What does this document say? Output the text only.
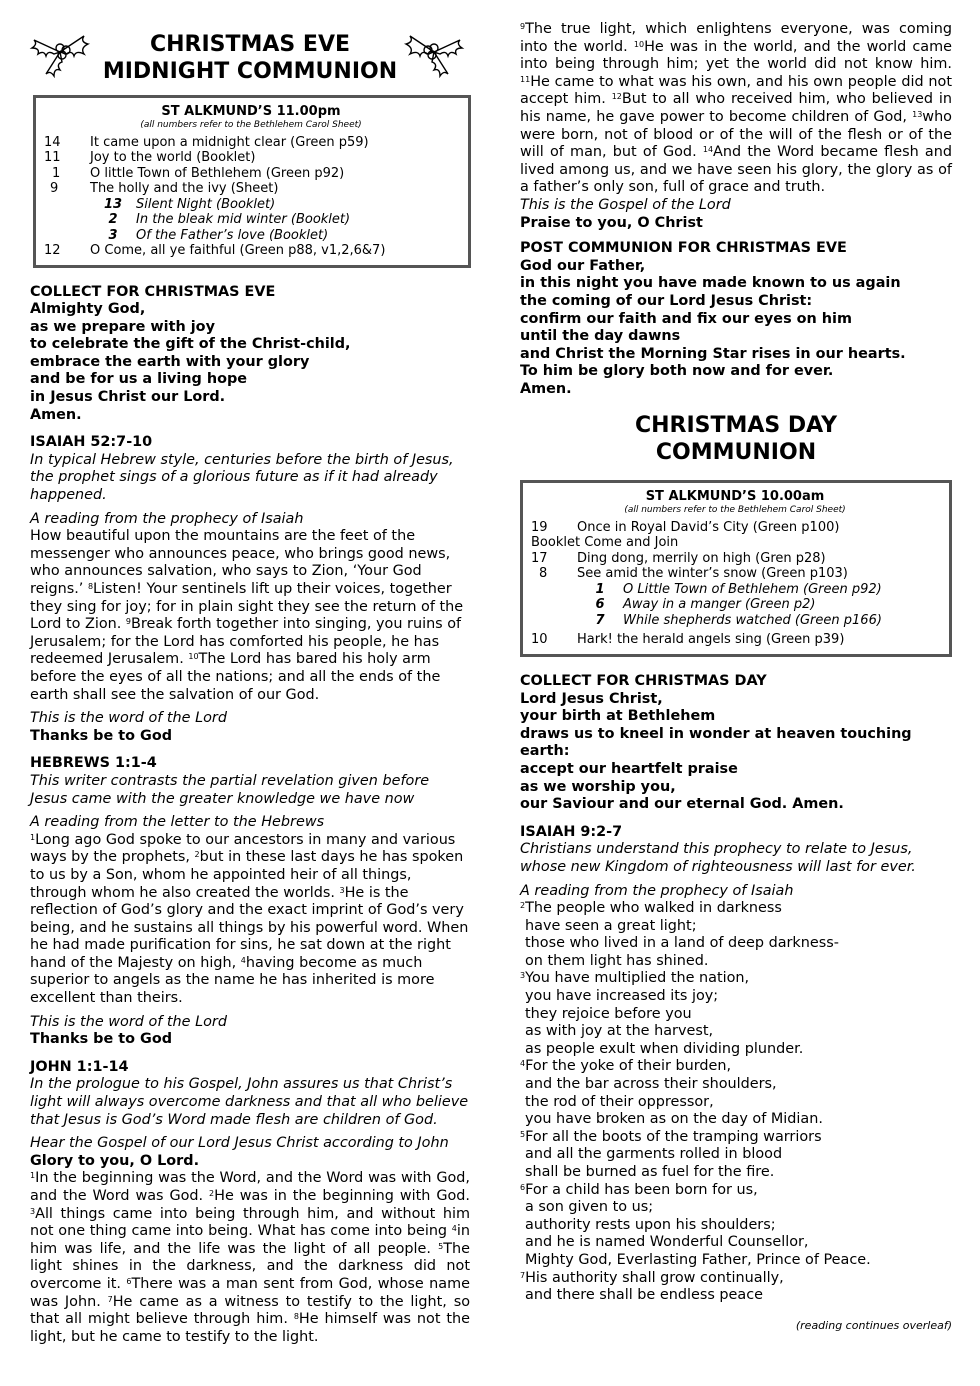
CHRISTMAS EVE
MIDNIGHT COMMUNION
ST ALKMUND’S 11.00pm
(all numbers refer to the Bethlehem Carol Sheet)
14	It came upon a midnight clear (Green p59)
11	Joy to the world (Booklet)
1	O little Town of Bethlehem (Green p92)
9	The holly and the ivy (Sheet)
13	Silent Night (Booklet)
2	In the bleak mid winter (Booklet)
3	Of the Father’s love (Booklet)
12	O Come, all ye faithful (Green p88, v1,2,6&7)
COLLECT FOR CHRISTMAS EVE
Almighty God,
as we prepare with joy
to celebrate the gift of the Christ-child,
embrace the earth with your glory
and be for us a living hope
in Jesus Christ our Lord.
Amen.
ISAIAH 52:7-10
In typical Hebrew style, centuries before the birth of Jesus, the prophet sings of a glorious future as if it had already happened.
A reading from the prophecy of Isaiah
How beautiful upon the mountains are the feet of the messenger who announces peace, who brings good news, who announces salvation, who says to Zion, ‘Your God reigns.’ $^8$Listen! Your sentinels lift up their voices, together they sing for joy; for in plain sight they see the return of the Lord to Zion. $^9$Break forth together into singing, you ruins of Jerusalem; for the Lord has comforted his people, he has redeemed Jerusalem. $^{10}$The Lord has bared his holy arm before the eyes of all the nations; and all the ends of the earth shall see the salvation of our God.
This is the word of the Lord
Thanks be to God
HEBREWS 1:1-4
This writer contrasts the partial revelation given before Jesus came with the greater knowledge we have now
A reading from the letter to the Hebrews
$^1$Long ago God spoke to our ancestors in many and various ways by the prophets, $^2$but in these last days he has spoken to us by a Son, whom he appointed heir of all things, through whom he also created the worlds. $^3$He is the reflection of God’s glory and the exact imprint of God’s very being, and he sustains all things by his powerful word. When he had made purification for sins, he sat down at the right hand of the Majesty on high, $^4$having become as much superior to angels as the name he has inherited is more excellent than theirs.
This is the word of the Lord
Thanks be to God
JOHN 1:1-14
In the prologue to his Gospel, John assures us that Christ’s light will always overcome darkness and that all who believe that Jesus is God’s Word made flesh are children of God.
Hear the Gospel of our Lord Jesus Christ according to John
Glory to you, O Lord.
$^1$In the beginning was the Word, and the Word was with God, and the Word was God. $^2$He was in the beginning with God. $^3$All things came into being through him, and without him not one thing came into being. What has come into being $^4$in him was life, and the life was the light of all people. $^5$The light shines in the darkness, and the darkness did not overcome it. $^6$There was a man sent from God, whose name was John. $^7$He came as a witness to testify to the light, so that all might believe through him. $^8$He himself was not the light, but he came to testify to the light.
$^9$The true light, which enlightens everyone, was coming into the world. $^{10}$He was in the world, and the world came into being through him; yet the world did not know him. $^{11}$He came to what was his own, and his own people did not accept him. $^{12}$But to all who received him, who believed in his name, he gave power to become children of God, $^{13}$who were born, not of blood or of the will of the flesh or of the will of man, but of God. $^{14}$And the Word became flesh and lived among us, and we have seen his glory, the glory as of a father’s only son, full of grace and truth.
This is the Gospel of the Lord
Praise to you, O Christ
POST COMMUNION FOR CHRISTMAS EVE
God our Father,
in this night you have made known to us again
the coming of our Lord Jesus Christ:
confirm our faith and fix our eyes on him
until the day dawns
and Christ the Morning Star rises in our hearts.
To him be glory both now and for ever.
Amen.
CHRISTMAS DAY
COMMUNION
ST ALKMUND’S 10.00am
(all numbers refer to the Bethlehem Carol Sheet)
19	Once in Royal David’s City (Green p100)
Booklet Come and Join
17	Ding dong, merrily on high (Gren p28)
8	See amid the winter’s snow (Green p103)
1	O Little Town of Bethlehem (Green p92)
6	Away in a manger (Green p2)
7	While shepherds watched (Green p166)
10	Hark! the herald angels sing (Green p39)
COLLECT FOR CHRISTMAS DAY
Lord Jesus Christ,
your birth at Bethlehem
draws us to kneel in wonder at heaven touching earth:
accept our heartfelt praise
as we worship you,
our Saviour and our eternal God. Amen.
ISAIAH 9:2-7
Christians understand this prophecy to relate to Jesus, whose new Kingdom of righteousness will last for ever.
A reading from the prophecy of Isaiah
$^2$The people who walked in darkness
have seen a great light;
those who lived in a land of deep darkness-
on them light has shined.
$^3$You have multiplied the nation,
you have increased its joy;
they rejoice before you
as with joy at the harvest,
as people exult when dividing plunder.
$^4$For the yoke of their burden,
and the bar across their shoulders,
the rod of their oppressor,
you have broken as on the day of Midian.
$^5$For all the boots of the tramping warriors
and all the garments rolled in blood
shall be burned as fuel for the fire.
$^6$For a child has been born for us,
a son given to us;
authority rests upon his shoulders;
and he is named Wonderful Counsellor,
Mighty God, Everlasting Father, Prince of Peace.
$^7$His authority shall grow continually,
and there shall be endless peace
(reading continues overleaf)
